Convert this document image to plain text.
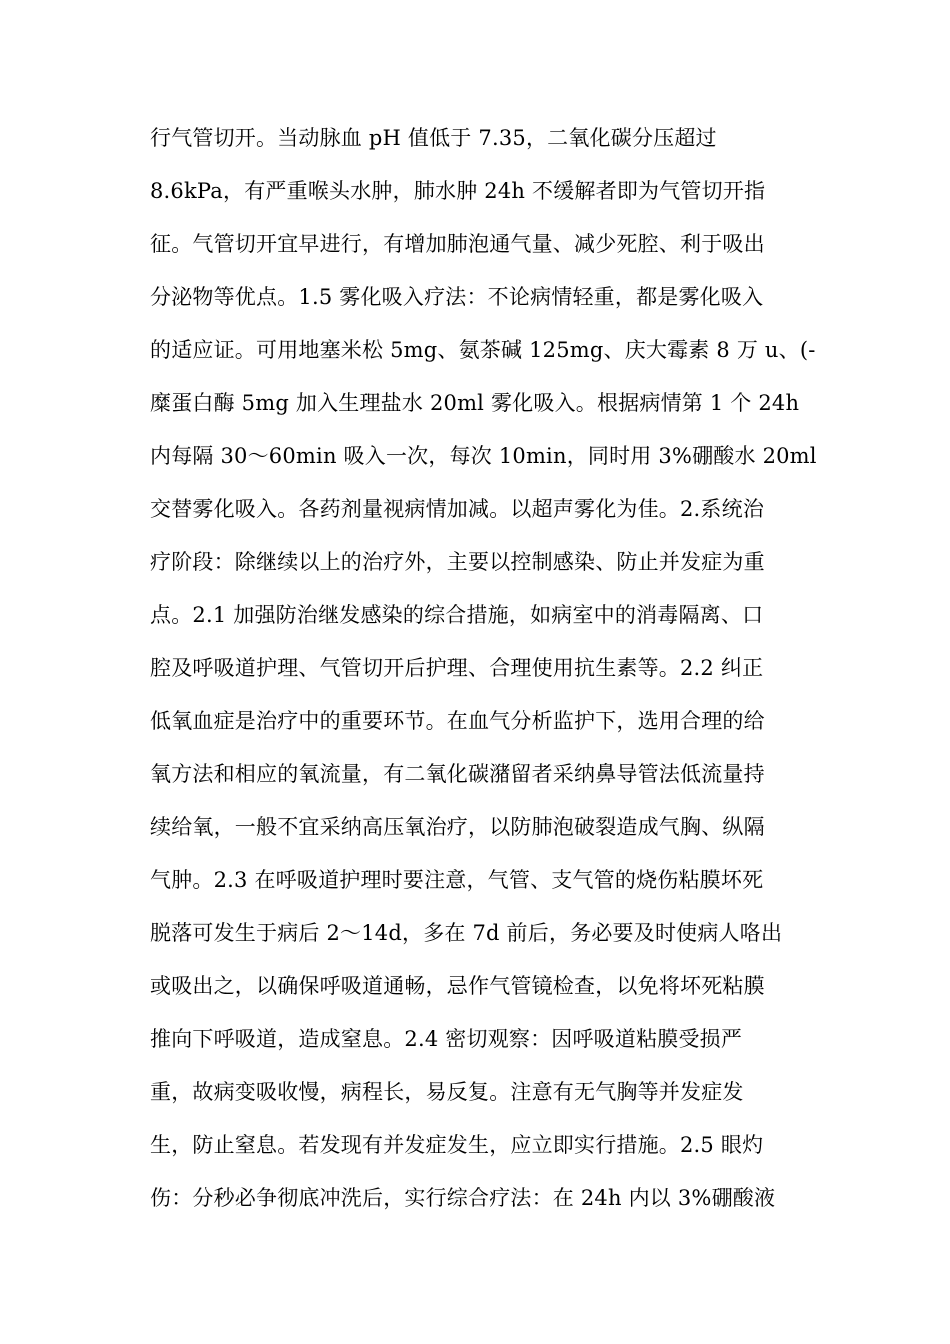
行气管切开。当动脉血 pH 值低于 7.35，二氧化碳分压超过
8.6kPa，有严重喉头水肿，肺水肿 24h 不缓解者即为气管切开指
征。气管切开宜早进行，有增加肺泡通气量、减少死腔、利于吸出
分泌物等优点。1.5 雾化吸入疗法：不论病情轻重，都是雾化吸入
的适应证。可用地塞米松 5mg、氨茶碱 125mg、庆大霉素 8 万 u、(-
糜蛋白酶 5mg 加入生理盐水 20ml 雾化吸入。根据病情第 1 个 24h
内每隔 30～60min 吸入一次，每次 10min，同时用 3%硼酸水 20ml
交替雾化吸入。各药剂量视病情加减。以超声雾化为佳。2.系统治
疗阶段：除继续以上的治疗外，主要以控制感染、防止并发症为重
点。2.1 加强防治继发感染的综合措施，如病室中的消毒隔离、口
腔及呼吸道护理、气管切开后护理、合理使用抗生素等。2.2 纠正
低氧血症是治疗中的重要环节。在血气分析监护下，选用合理的给
氧方法和相应的氧流量，有二氧化碳潴留者采纳鼻导管法低流量持
续给氧，一般不宜采纳高压氧治疗，以防肺泡破裂造成气胸、纵隔
气肿。2.3 在呼吸道护理时要注意，气管、支气管的烧伤粘膜坏死
脱落可发生于病后 2～14d，多在 7d 前后，务必要及时使病人咯出
或吸出之，以确保呼吸道通畅，忌作气管镜检查，以免将坏死粘膜
推向下呼吸道，造成窒息。2.4 密切观察：因呼吸道粘膜受损严
重，故病变吸收慢，病程长，易反复。注意有无气胸等并发症发
生，防止窒息。若发现有并发症发生，应立即实行措施。2.5 眼灼
伤：分秒必争彻底冲洗后，实行综合疗法：在 24h 内以 3%硼酸液
